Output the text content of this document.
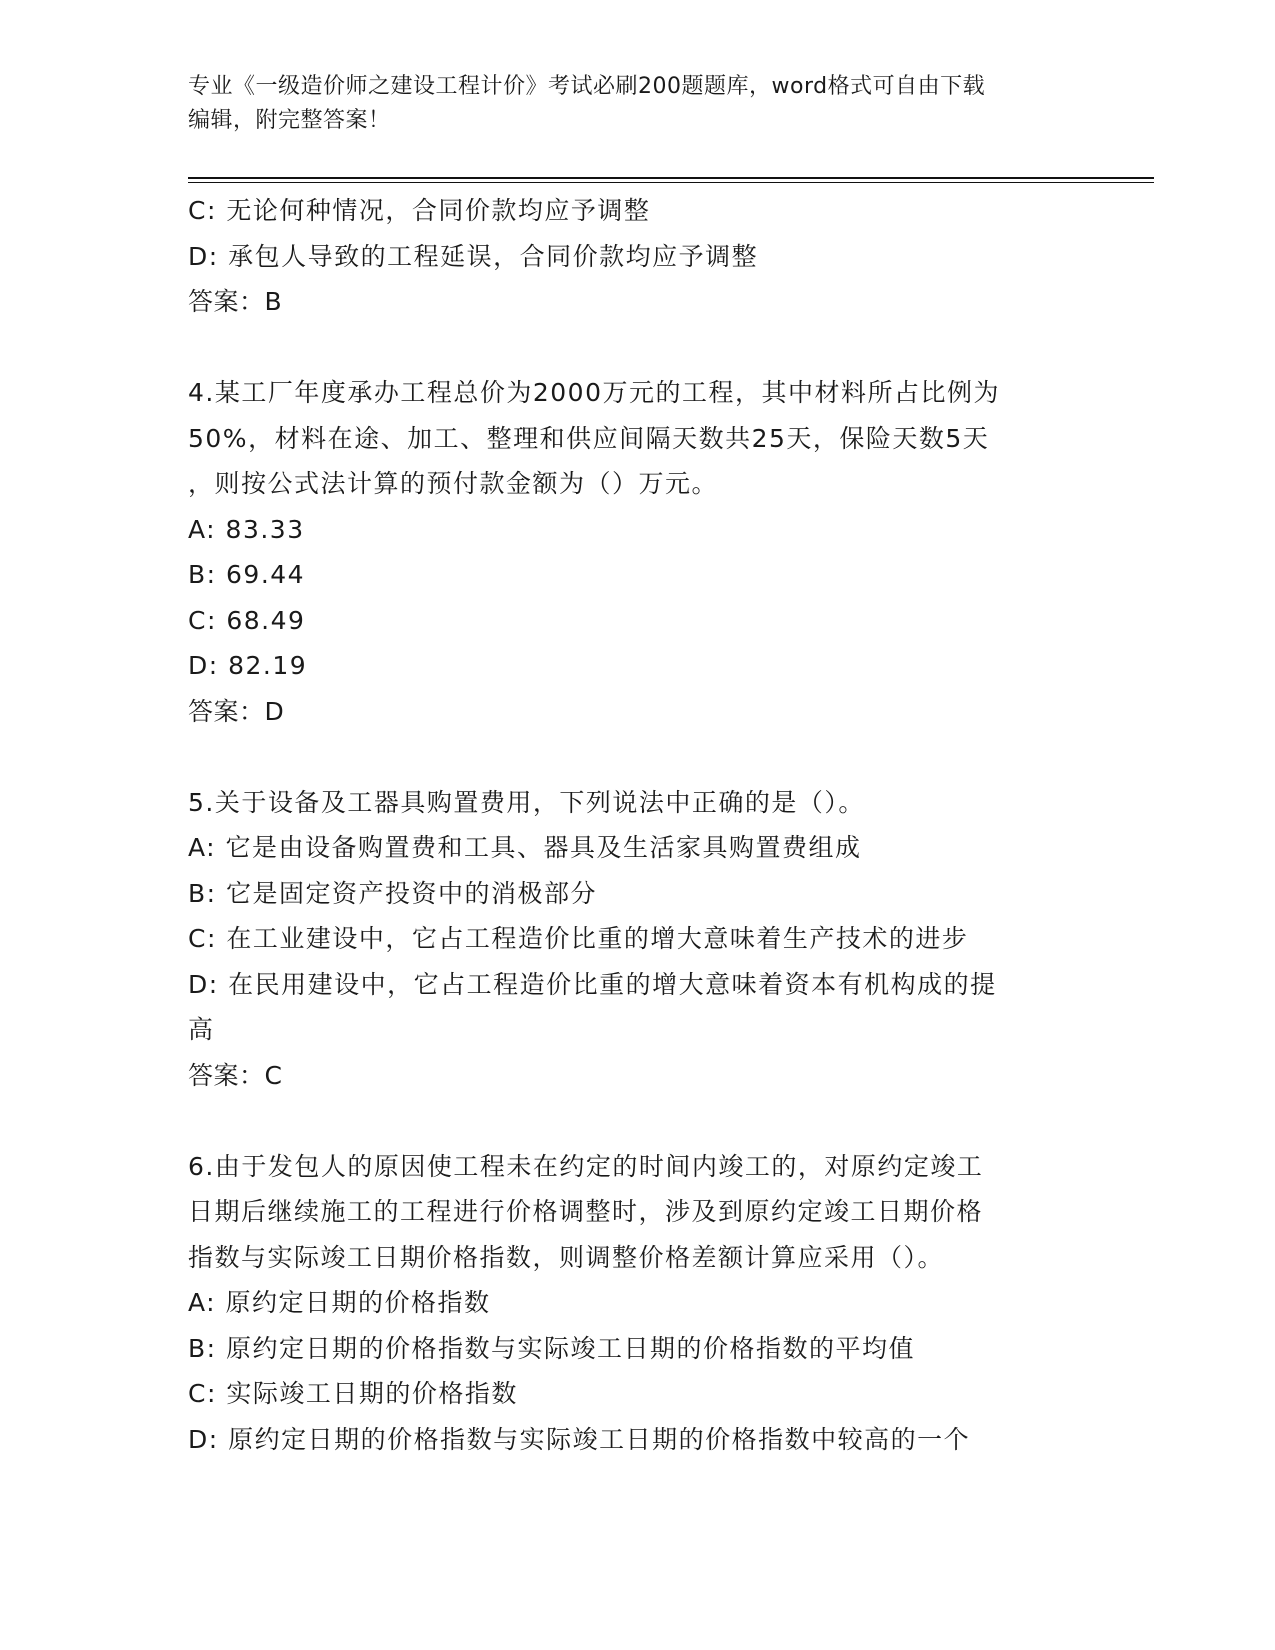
专业《一级造价师之建设工程计价》考试必刷200题题库，word格式可自由下载
编辑，附完整答案！
C: 无论何种情况，合同价款均应予调整
D: 承包人导致的工程延误，合同价款均应予调整
答案：B
4.某工厂年度承办工程总价为2000万元的工程，其中材料所占比例为
50%，材料在途、加工、整理和供应间隔天数共25天，保险天数5天
，则按公式法计算的预付款金额为（）万元。
A: 83.33
B: 69.44
C: 68.49
D: 82.19
答案：D
5.关于设备及工器具购置费用，下列说法中正确的是（）。
A: 它是由设备购置费和工具、器具及生活家具购置费组成
B: 它是固定资产投资中的消极部分
C: 在工业建设中，它占工程造价比重的增大意味着生产技术的进步
D: 在民用建设中，它占工程造价比重的增大意味着资本有机构成的提
高
答案：C
6.由于发包人的原因使工程未在约定的时间内竣工的，对原约定竣工
日期后继续施工的工程进行价格调整时，涉及到原约定竣工日期价格
指数与实际竣工日期价格指数，则调整价格差额计算应采用（）。
A: 原约定日期的价格指数
B: 原约定日期的价格指数与实际竣工日期的价格指数的平均值
C: 实际竣工日期的价格指数
D: 原约定日期的价格指数与实际竣工日期的价格指数中较高的一个
